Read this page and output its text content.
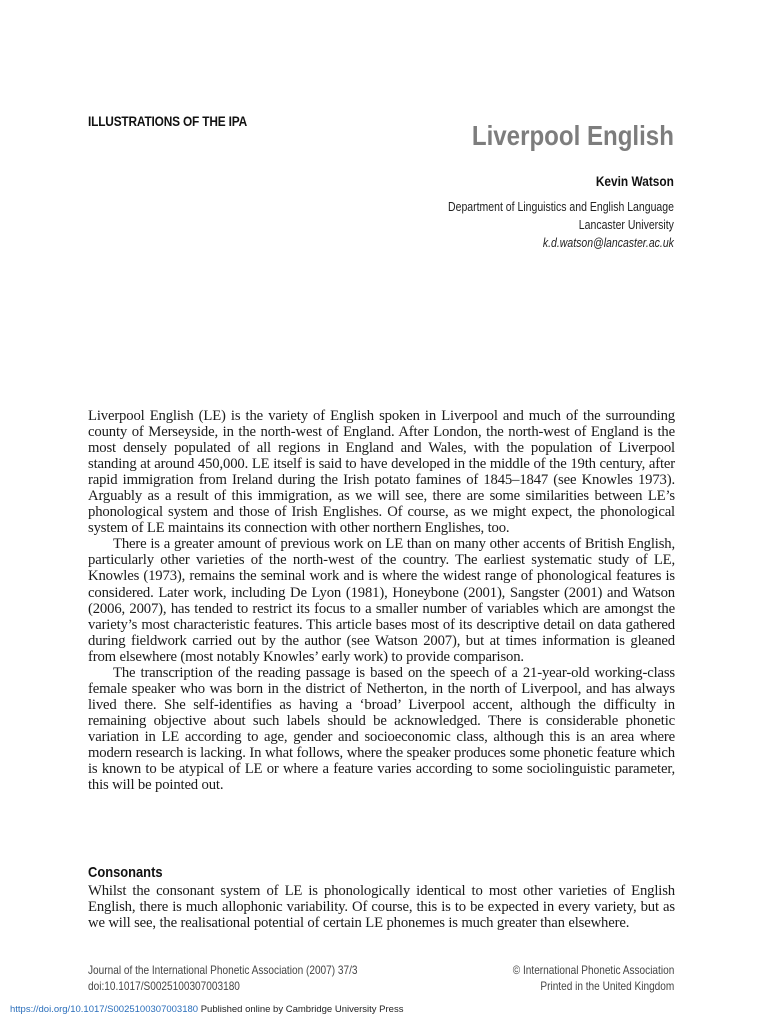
ILLUSTRATIONS OF THE IPA	Liverpool English
Kevin Watson
Department of Linguistics and English Language
Lancaster University
k.d.watson@lancaster.ac.uk

Liverpool English (LE) is the variety of English spoken in Liverpool and much of the surrounding county of Merseyside, in the north-west of England. After London, the north-west of England is the most densely populated of all regions in England and Wales, with the population of Liverpool standing at around 450,000. LE itself is said to have developed in the middle of the 19th century, after rapid immigration from Ireland during the Irish potato famines of 1845–1847 (see Knowles 1973). Arguably as a result of this immigration, as we will see, there are some similarities between LE’s phonological system and those of Irish Englishes. Of course, as we might expect, the phonological system of LE maintains its connection with other northern Englishes, too.

There is a greater amount of previous work on LE than on many other accents of British English, particularly other varieties of the north-west of the country. The earliest systematic study of LE, Knowles (1973), remains the seminal work and is where the widest range of phonological features is considered. Later work, including De Lyon (1981), Honeybone (2001), Sangster (2001) and Watson (2006, 2007), has tended to restrict its focus to a smaller number of variables which are amongst the variety’s most characteristic features. This article bases most of its descriptive detail on data gathered during fieldwork carried out by the author (see Watson 2007), but at times information is gleaned from elsewhere (most notably Knowles’ early work) to provide comparison.

The transcription of the reading passage is based on the speech of a 21-year-old working-class female speaker who was born in the district of Netherton, in the north of Liverpool, and has always lived there. She self-identifies as having a ‘broad’ Liverpool accent, although the difficulty in remaining objective about such labels should be acknowledged. There is considerable phonetic variation in LE according to age, gender and socioeconomic class, although this is an area where modern research is lacking. In what follows, where the speaker produces some phonetic feature which is known to be atypical of LE or where a feature varies according to some sociolinguistic parameter, this will be pointed out.

Consonants

Whilst the consonant system of LE is phonologically identical to most other varieties of English English, there is much allophonic variability. Of course, this is to be expected in every variety, but as we will see, the realisational potential of certain LE phonemes is much greater than elsewhere.

Journal of the International Phonetic Association (2007) 37/3
doi:10.1017/S0025100307003180
© International Phonetic Association
Printed in the United Kingdom
https://doi.org/10.1017/S0025100307003180 Published online by Cambridge University Press
